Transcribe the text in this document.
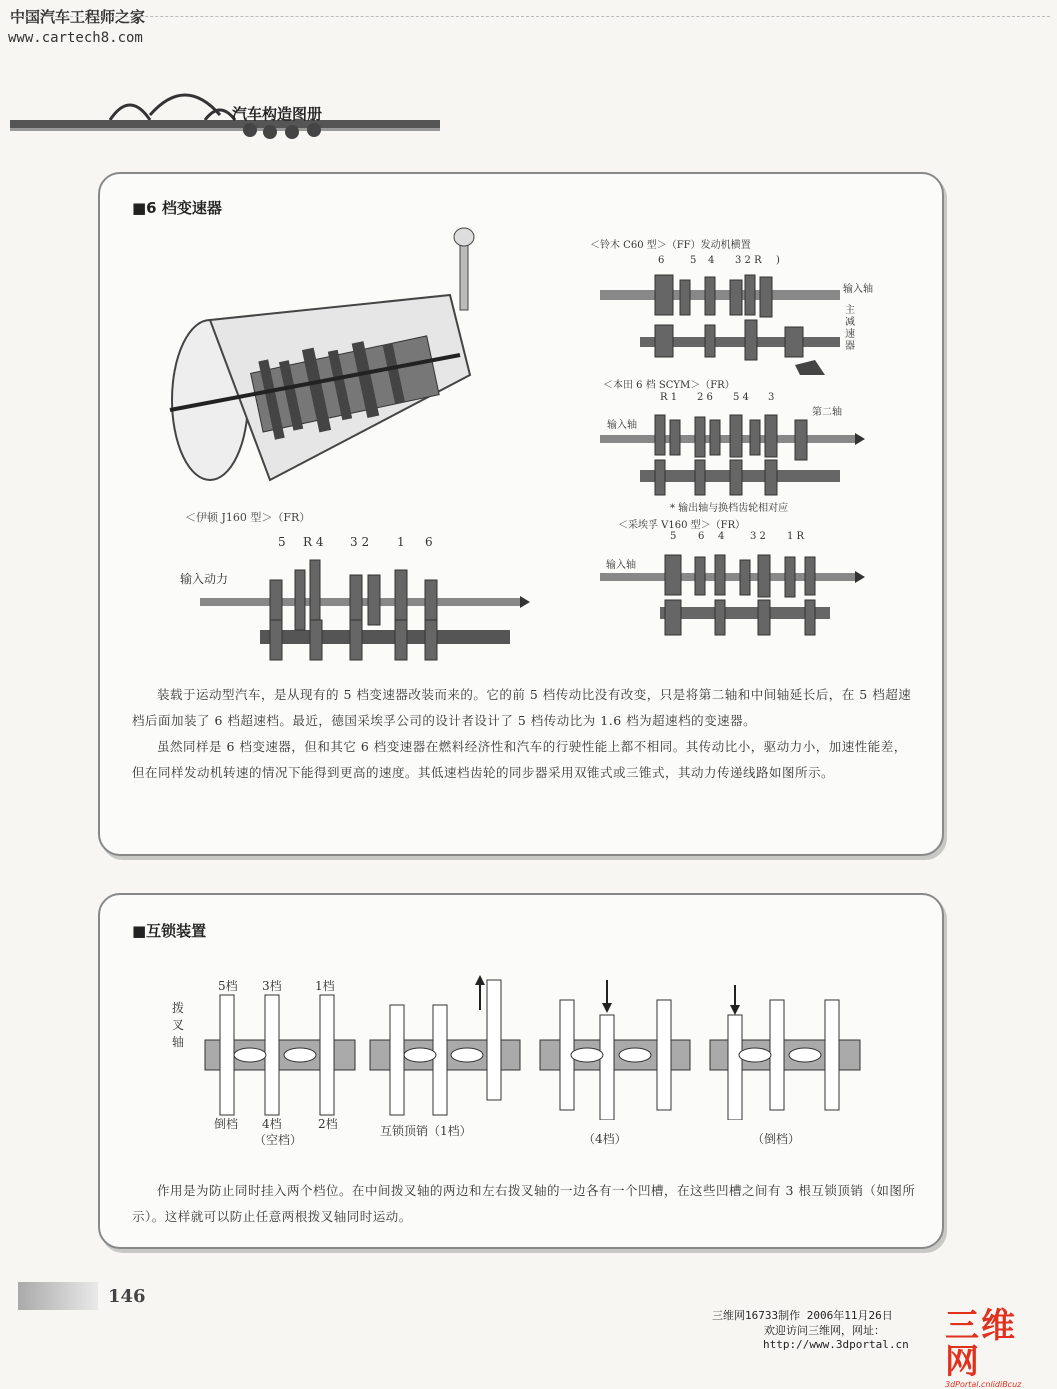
中国汽车工程师之家
www.cartech8.com
汽车构造图册
■6 档变速器
＜伊顿 J160 型＞（FR）
5 R 4 3 2 1 6
输入动力
＜铃木 C60 型＞（FF）发动机横置
6	5 4 3 2 R )
输入轴
主减速器
＜本田 6 档 SCYM＞（FR）
R 1 2 6 5 4 3
输入轴
第二轴
* 输出轴与换档齿轮相对应
＜采埃孚 V160 型＞（FR）
5 6 4	3 2 1 R
输入轴

装载于运动型汽车，是从现有的 5 档变速器改装而来的。它的前 5 档传动比没有改变，只是将第二轴和中间轴延长后，在 5 档超速档后面加装了 6 档超速档。最近，德国采埃孚公司的设计者设计了 5 档传动比为 1.6 档为超速档的变速器。

虽然同样是 6 档变速器，但和其它 6 档变速器在燃料经济性和汽车的行驶性能上都不相同。其传动比小，驱动力小，加速性能差，但在同样发动机转速的情况下能得到更高的速度。其低速档齿轮的同步器采用双锥式或三锥式，其动力传递线路如图所示。

■互锁装置
5档 3档	1档
拨叉轴
倒档 4档
（空档）
2档	互锁顶销（1档）
（4档）	（倒档）

作用是为防止同时挂入两个档位。在中间拨叉轴的两边和左右拨叉轴的一边各有一个凹槽，在这些凹槽之间有 3 根互锁顶销（如图所示）。这样就可以防止任意两根拨叉轴同时运动。

146
三维网16733制作 2006年11月26日
欢迎访问三维网，网址：
http://www.3dportal.cn 三维网
3dPortal.cnlidiBcuz
